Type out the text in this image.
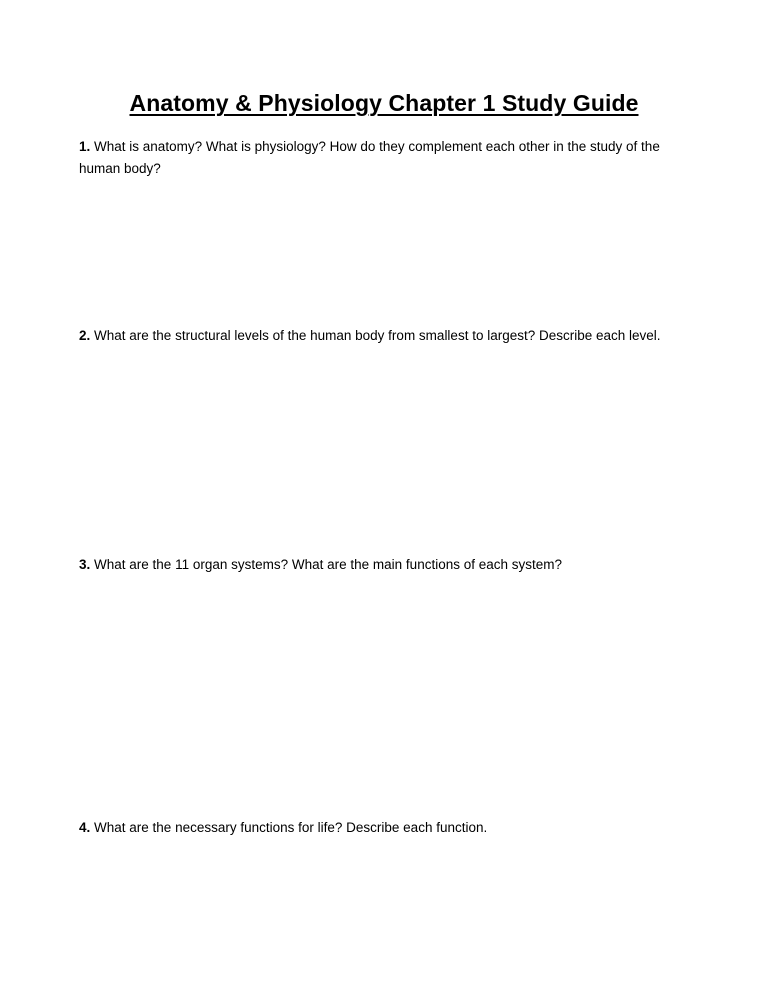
Anatomy & Physiology Chapter 1 Study Guide

1. What is anatomy? What is physiology? How do they complement each other in the study of the human body?

2. What are the structural levels of the human body from smallest to largest? Describe each level.

3. What are the 11 organ systems? What are the main functions of each system?

4. What are the necessary functions for life? Describe each function.
